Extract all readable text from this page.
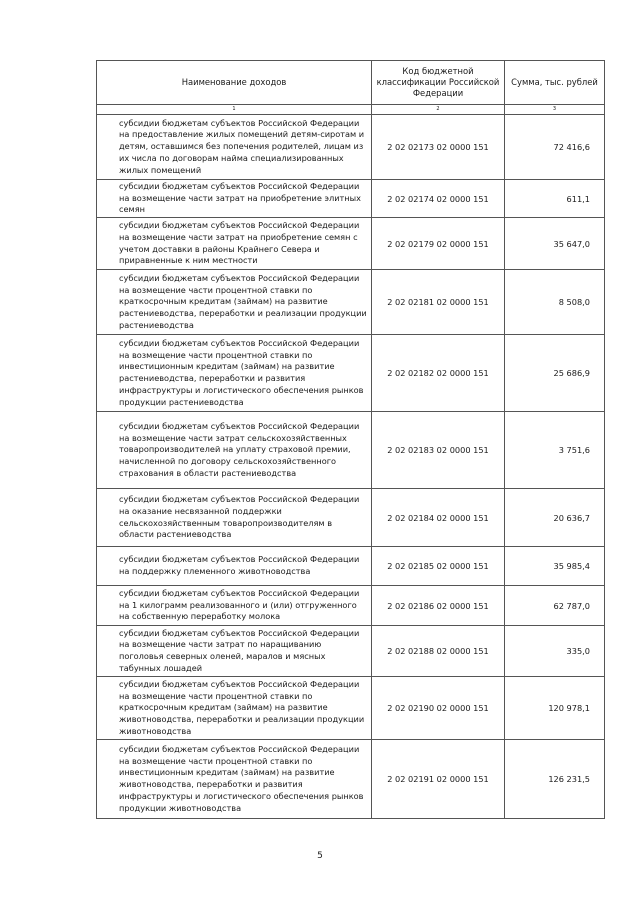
Наименование доходов	Код бюджетной классификации Российской Федерации	Сумма, тыс. рублей
1	2	3
субсидии бюджетам субъектов Российской Федерации на предоставление жилых помещений детям-сиротам и детям, оставшимся без попечения родителей, лицам из их числа по договорам найма специализированных жилых помещений	2 02 02173 02 0000 151	72 416,6
субсидии бюджетам субъектов Российской Федерации на возмещение части затрат на приобретение элитных семян	2 02 02174 02 0000 151	611,1
субсидии бюджетам субъектов Российской Федерации на возмещение части затрат на приобретение семян с учетом доставки в районы Крайнего Севера и приравненные к ним местности	2 02 02179 02 0000 151	35 647,0
субсидии бюджетам субъектов Российской Федерации на возмещение части процентной ставки по краткосрочным кредитам (займам) на развитие растениеводства, переработки и реализации продукции растениеводства	2 02 02181 02 0000 151	8 508,0
субсидии бюджетам субъектов Российской Федерации на возмещение части процентной ставки по инвестиционным кредитам (займам) на развитие растениеводства, переработки и развития инфраструктуры и логистического обеспечения рынков продукции растениеводства	2 02 02182 02 0000 151	25 686,9
субсидии бюджетам субъектов Российской Федерации на возмещение части затрат сельскохозяйственных товаропроизводителей на уплату страховой премии, начисленной по договору сельскохозяйственного страхования в области растениеводства	2 02 02183 02 0000 151	3 751,6
субсидии бюджетам субъектов Российской Федерации на оказание несвязанной поддержки сельскохозяйственным товаропроизводителям в области растениеводства	2 02 02184 02 0000 151	20 636,7
субсидии бюджетам субъектов Российской Федерации на поддержку племенного животноводства	2 02 02185 02 0000 151	35 985,4
субсидии бюджетам субъектов Российской Федерации на 1 килограмм реализованного и (или) отгруженного на собственную переработку молока	2 02 02186 02 0000 151	62 787,0
субсидии бюджетам субъектов Российской Федерации на возмещение части затрат по наращиванию поголовья северных оленей, маралов и мясных табунных лошадей	2 02 02188 02 0000 151	335,0
субсидии бюджетам субъектов Российской Федерации на возмещение части процентной ставки по краткосрочным кредитам (займам) на развитие животноводства, переработки и реализации продукции животноводства	2 02 02190 02 0000 151	120 978,1
субсидии бюджетам субъектов Российской Федерации на возмещение части процентной ставки по инвестиционным кредитам (займам) на развитие животноводства, переработки и развития инфраструктуры и логистического обеспечения рынков продукции животноводства	2 02 02191 02 0000 151	126 231,5
5
